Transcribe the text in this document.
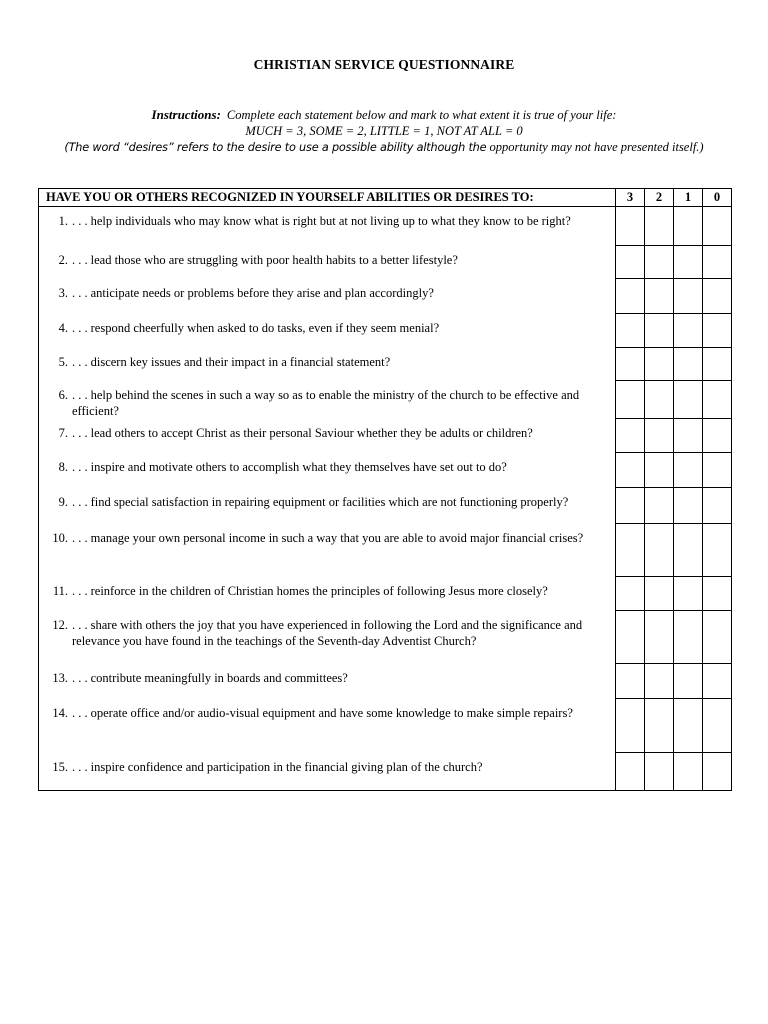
CHRISTIAN SERVICE QUESTIONNAIRE
Instructions: Complete each statement below and mark to what extent it is true of your life:
MUCH = 3, SOME = 2, LITTLE = 1, NOT AT ALL = 0
(The word “desires” refers to the desire to use a possible ability although the opportunity may not have presented itself.)
HAVE YOU OR OTHERS RECOGNIZED IN YOURSELF ABILITIES OR DESIRES TO:	3	2	1	0

1. . . . help individuals who may know what is right but at not living up to what they know to be right?				

2. . . . lead those who are struggling with poor health habits to a better lifestyle?				

3. . . . anticipate needs or problems before they arise and plan accordingly?				

4. . . . respond cheerfully when asked to do tasks, even if they seem menial?				

5. . . . discern key issues and their impact in a financial statement?				

6. . . . help behind the scenes in such a way so as to enable the ministry of the church to be effective and efficient?				

7. . . . lead others to accept Christ as their personal Saviour whether they be adults or children?				

8. . . . inspire and motivate others to accomplish what they themselves have set out to do?				

9. . . . find special satisfaction in repairing equipment or facilities which are not functioning properly?				

10. . . . manage your own personal income in such a way that you are able to avoid major financial crises?				

11. . . . reinforce in the children of Christian homes the principles of following Jesus more closely?				

12. . . . share with others the joy that you have experienced in following the Lord and the significance and relevance you have found in the teachings of the Seventh-day Adventist Church?				

13. . . . contribute meaningfully in boards and committees?				

14. . . . operate office and/or audio-visual equipment and have some knowledge to make simple repairs?				

15. . . . inspire confidence and participation in the financial giving plan of the church?				
